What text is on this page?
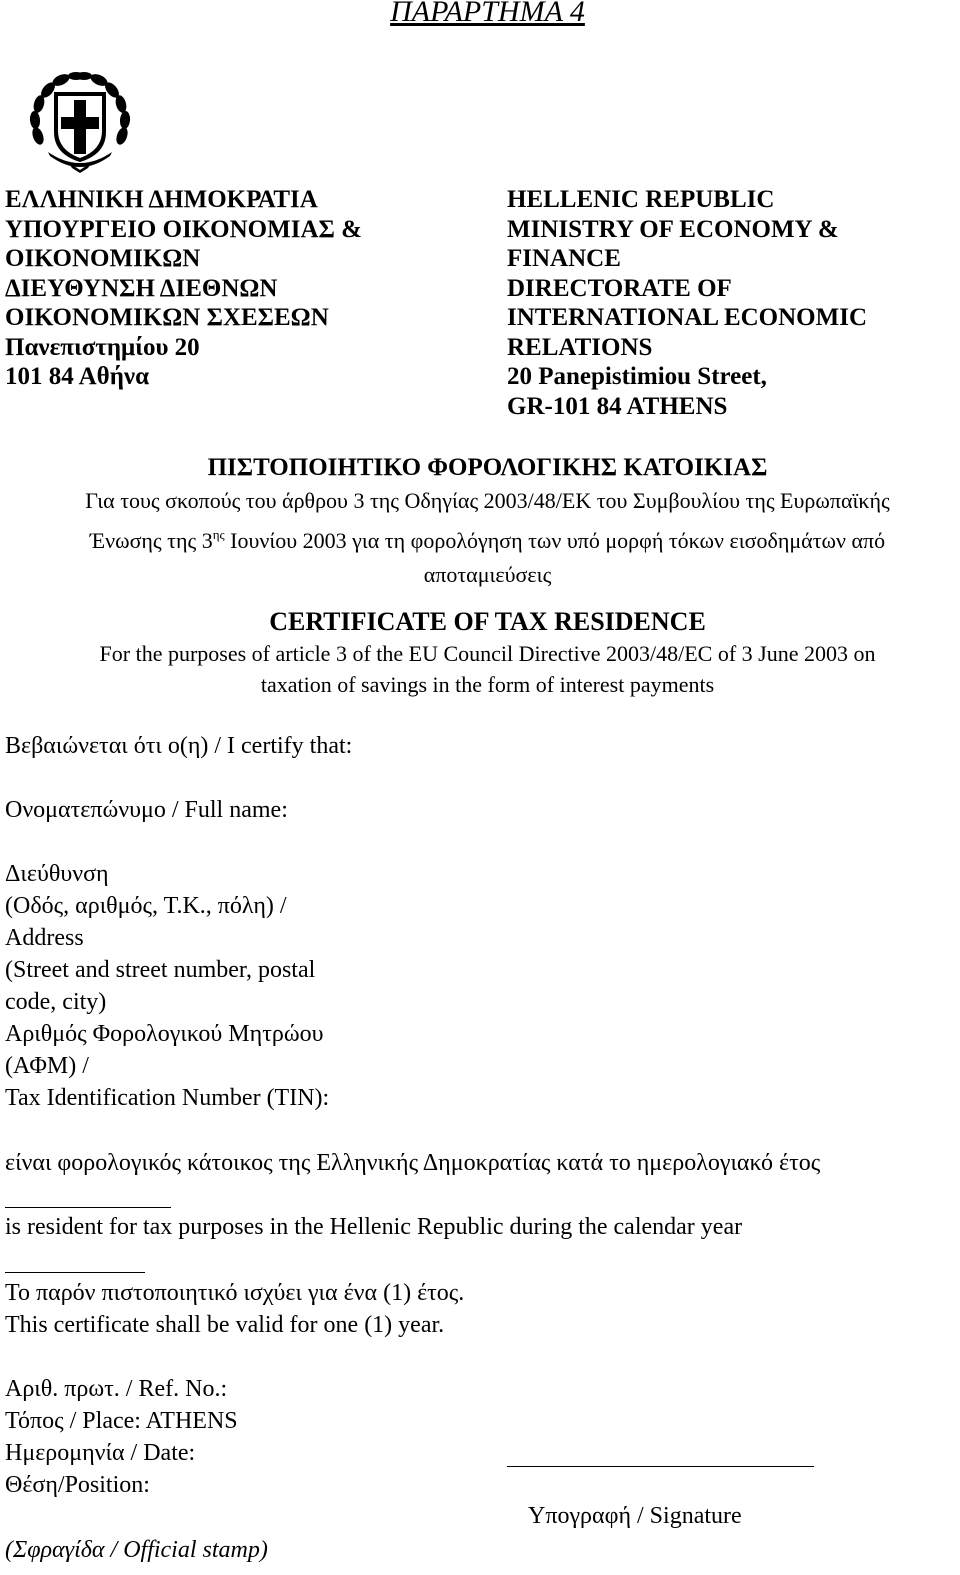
ΠΑΡΑΡΤΗΜΑ 4
ΕΛΛΗΝΙΚΗ ΔΗΜΟΚΡΑΤΙΑ
ΥΠΟΥΡΓΕΙΟ ΟΙΚΟΝΟΜΙΑΣ &
ΟΙΚΟΝΟΜΙΚΩΝ
ΔΙΕΥΘΥΝΣΗ ΔΙΕΘΝΩΝ
ΟΙΚΟΝΟΜΙΚΩΝ ΣΧΕΣΕΩΝ
Πανεπιστημίου 20
101 84 Αθήνα
HELLENIC REPUBLIC
MINISTRY OF ECONOMY &
FINANCE
DIRECTORATE OF
INTERNATIONAL ECONOMIC
RELATIONS
20 Panepistimiou Street,
GR-101 84 ATHENS
ΠΙΣΤΟΠΟΙΗΤΙΚΟ ΦΟΡΟΛΟΓΙΚΗΣ ΚΑΤΟΙΚΙΑΣ
Για τους σκοπούς του άρθρου 3 της Οδηγίας 2003/48/ΕΚ του Συμβουλίου της Ευρωπαϊκής
Ένωσης της $3^{\eta\varsigma}$ Ιουνίου 2003 για τη φορολόγηση των υπό μορφή τόκων εισοδημάτων από
αποταμιεύσεις
CERTIFICATE OF TAX RESIDENCE
For the purposes of article 3 of the EU Council Directive 2003/48/EC of 3 June 2003 on
taxation of savings in the form of interest payments
Βεβαιώνεται ότι ο(η) / I certify that:
Ονοματεπώνυμο / Full name:
Διεύθυνση
(Οδός, αριθμός, Τ.Κ., πόλη) /
Address
(Street and street number, postal
code, city)
Αριθμός Φορολογικού Μητρώου
(ΑΦΜ) /
Tax Identification Number (TIN):
είναι φορολογικός κάτοικος της Ελληνικής Δημοκρατίας κατά το ημερολογιακό έτος
is resident for tax purposes in the Hellenic Republic during the calendar year
Το παρόν πιστοποιητικό ισχύει για ένα (1) έτος.
This certificate shall be valid for one (1) year.
Αριθ. πρωτ. / Ref. No.:
Τόπος / Place: ATHENS
Ημερομηνία / Date:
Θέση/Position:
Υπογραφή / Signature
(Σφραγίδα / Official stamp)
